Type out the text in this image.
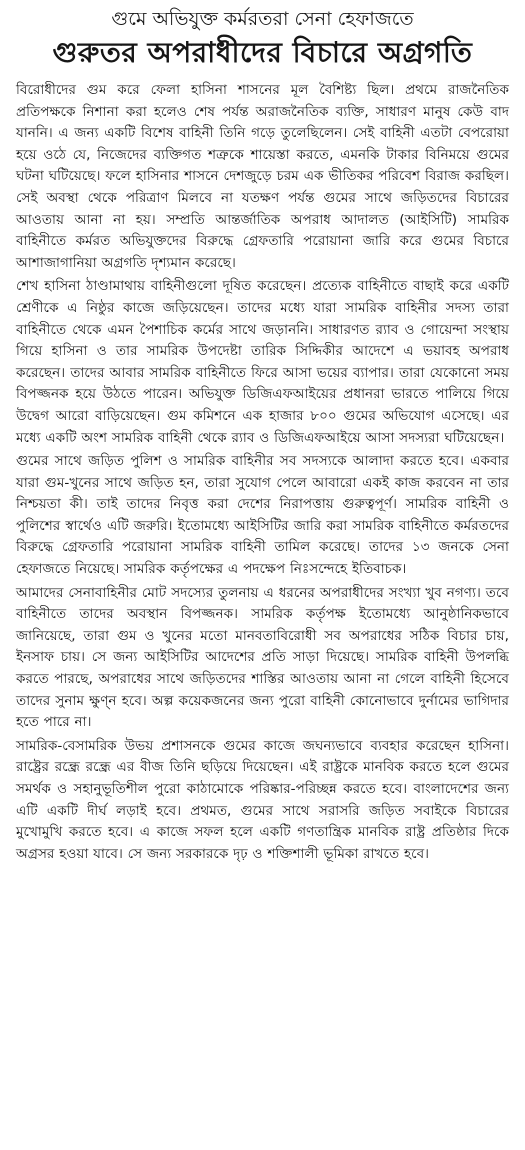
গুমে অভিযুক্ত কর্মরতরা সেনা হেফাজতে
গুরুতর অপরাধীদের বিচারে অগ্রগতি

বিরোধীদের গুম করে ফেলা হাসিনা শাসনের মূল বৈশিষ্ট্য ছিল। প্রথমে রাজনৈতিক প্রতিপক্ষকে নিশানা করা হলেও শেষ পর্যন্ত অরাজনৈতিক ব্যক্তি, সাধারণ মানুষ কেউ বাদ যাননি। এ জন্য একটি বিশেষ বাহিনী তিনি গড়ে তুলেছিলেন। সেই বাহিনী এতটা বেপরোয়া হয়ে ওঠে যে, নিজেদের ব্যক্তিগত শত্রুকে শায়েস্তা করতে, এমনকি টাকার বিনিময়ে গুমের ঘটনা ঘটিয়েছে। ফলে হাসিনার শাসনে দেশজুড়ে চরম এক ভীতিকর পরিবেশ বিরাজ করছিল। সেই অবস্থা থেকে পরিত্রাণ মিলবে না যতক্ষণ পর্যন্ত গুমের সাথে জড়িতদের বিচারের আওতায় আনা না হয়। সম্প্রতি আন্তর্জাতিক অপরাধ আদালত (আইসিটি) সামরিক বাহিনীতে কর্মরত অভিযুক্তদের বিরুদ্ধে গ্রেফতারি পরোয়ানা জারি করে গুমের বিচারে আশাজাগানিয়া অগ্রগতি দৃশ্যমান করেছে।

শেখ হাসিনা ঠাণ্ডামাথায় বাহিনীগুলো দূষিত করেছেন। প্রত্যেক বাহিনীতে বাছাই করে একটি শ্রেণীকে এ নিষ্ঠুর কাজে জড়িয়েছেন। তাদের মধ্যে যারা সামরিক বাহিনীর সদস্য তারা বাহিনীতে থেকে এমন পৈশাচিক কর্মের সাথে জড়াননি। সাধারণত র‌্যাব ও গোয়েন্দা সংস্থায় গিয়ে হাসিনা ও তার সামরিক উপদেষ্টা তারিক সিদ্দিকীর আদেশে এ ভয়াবহ অপরাধ করেছেন। তাদের আবার সামরিক বাহিনীতে ফিরে আসা ভয়ের ব্যাপার। তারা যেকোনো সময় বিপজ্জনক হয়ে উঠতে পারেন। অভিযুক্ত ডিজিএফআইয়ের প্রধানরা ভারতে পালিয়ে গিয়ে উদ্বেগ আরো বাড়িয়েছেন। গুম কমিশনে এক হাজার ৮০০ গুমের অভিযোগ এসেছে। এর মধ্যে একটি অংশ সামরিক বাহিনী থেকে র‌্যাব ও ডিজিএফআইয়ে আসা সদস্যরা ঘটিয়েছেন।

গুমের সাথে জড়িত পুলিশ ও সামরিক বাহিনীর সব সদস্যকে আলাদা করতে হবে। একবার যারা গুম-খুনের সাথে জড়িত হন, তারা সুযোগ পেলে আবারো একই কাজ করবেন না তার নিশ্চয়তা কী। তাই তাদের নিবৃত্ত করা দেশের নিরাপত্তায় গুরুত্বপূর্ণ। সামরিক বাহিনী ও পুলিশের স্বার্থেও এটি জরুরি। ইতোমধ্যে আইসিটির জারি করা সামরিক বাহিনীতে কর্মরতদের বিরুদ্ধে গ্রেফতারি পরোয়ানা সামরিক বাহিনী তামিল করেছে। তাদের ১৩ জনকে সেনা হেফাজতে নিয়েছে। সামরিক কর্তৃপক্ষের এ পদক্ষেপ নিঃসন্দেহে ইতিবাচক।

আমাদের সেনাবাহিনীর মোট সদস্যের তুলনায় এ ধরনের অপরাধীদের সংখ্যা খুব নগণ্য। তবে বাহিনীতে তাদের অবস্থান বিপজ্জনক। সামরিক কর্তৃপক্ষ ইতোমধ্যে আনুষ্ঠানিকভাবে জানিয়েছে, তারা গুম ও খুনের মতো মানবতাবিরোধী সব অপরাধের সঠিক বিচার চায়, ইনসাফ চায়। সে জন্য আইসিটির আদেশের প্রতি সাড়া দিয়েছে। সামরিক বাহিনী উপলব্ধি করতে পারছে, অপরাধের সাথে জড়িতদের শাস্তির আওতায় আনা না গেলে বাহিনী হিসেবে তাদের সুনাম ক্ষুণ্ন হবে। অল্প কয়েকজনের জন্য পুরো বাহিনী কোনোভাবে দুর্নামের ভাগিদার হতে পারে না।

সামরিক-বেসামরিক উভয় প্রশাসনকে গুমের কাজে জঘন্যভাবে ব্যবহার করেছেন হাসিনা। রাষ্ট্রের রন্ধ্রে রন্ধ্রে এর বীজ তিনি ছড়িয়ে দিয়েছেন। এই রাষ্ট্রকে মানবিক করতে হলে গুমের সমর্থক ও সহানুভূতিশীল পুরো কাঠামোকে পরিষ্কার-পরিচ্ছন্ন করতে হবে। বাংলাদেশের জন্য এটি একটি দীর্ঘ লড়াই হবে। প্রথমত, গুমের সাথে সরাসরি জড়িত সবাইকে বিচারের মুখোমুখি করতে হবে। এ কাজে সফল হলে একটি গণতান্ত্রিক মানবিক রাষ্ট্র প্রতিষ্ঠার দিকে অগ্রসর হওয়া যাবে। সে জন্য সরকারকে দৃঢ় ও শক্তিশালী ভূমিকা রাখতে হবে।
